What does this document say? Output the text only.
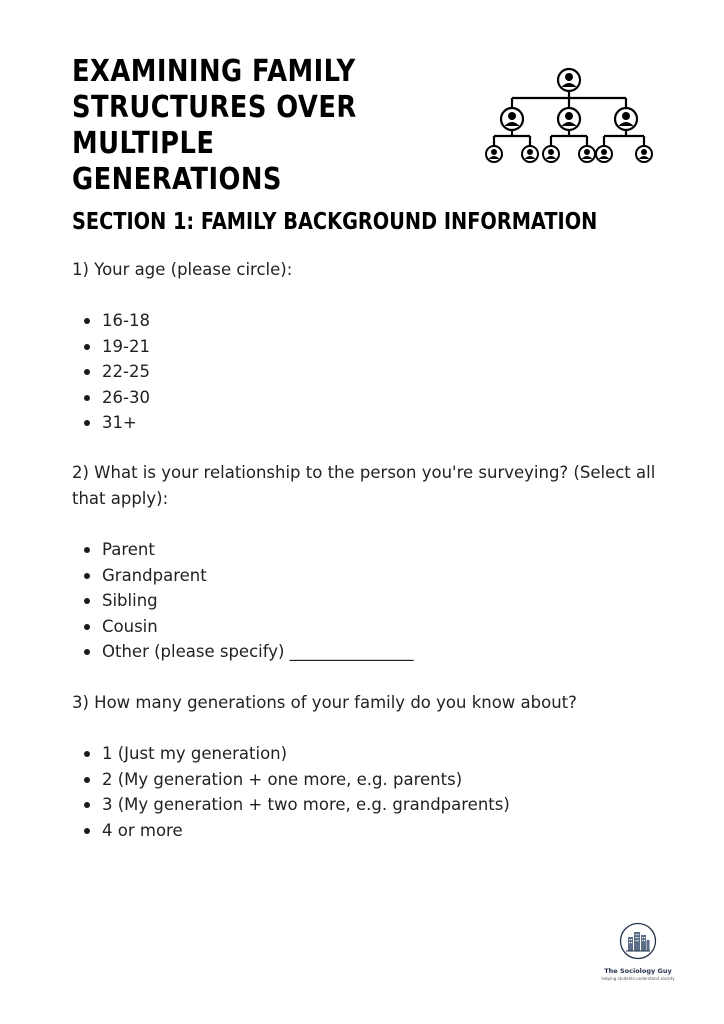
EXAMINING FAMILY
STRUCTURES OVER
MULTIPLE GENERATIONS
SECTION 1: FAMILY BACKGROUND INFORMATION

1) Your age (please circle):

16-18
19-21
22-25
26-30
31+

2) What is your relationship to the person you're surveying? (Select all that apply):

Parent
Grandparent
Sibling
Cousin
Other (please specify) _______________

3) How many generations of your family do you know about?

1 (Just my generation)
2 (My generation + one more, e.g. parents)
3 (My generation + two more, e.g. grandparents)
4 or more
The Sociology Guy
helping students understand society
